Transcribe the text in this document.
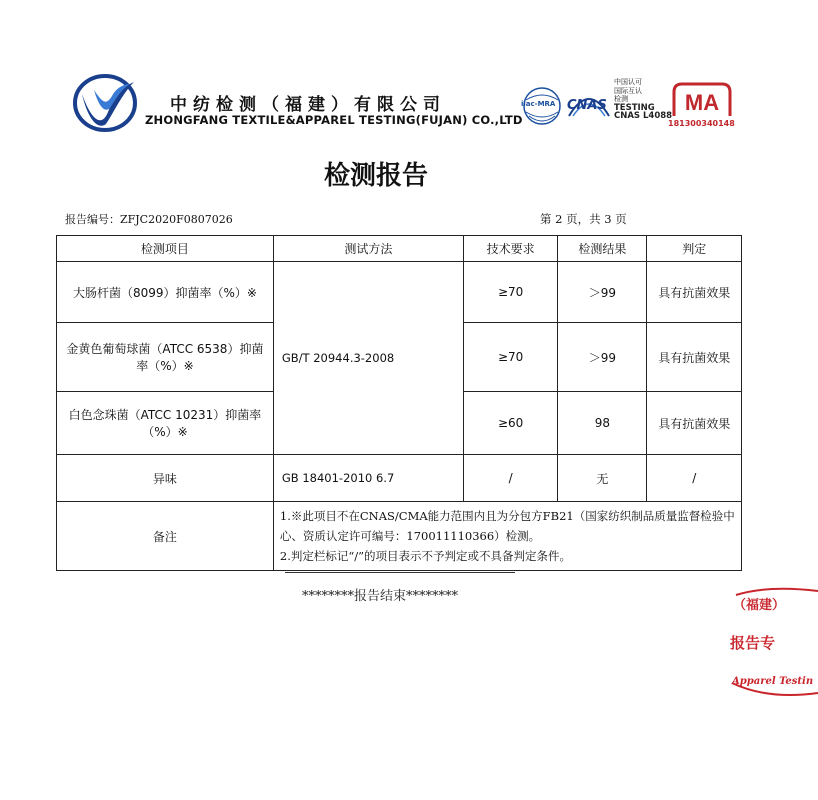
中纺检测（福建）有限公司
ZHONGFANG TEXTILE&APPAREL TESTING(FUJAN) CO.,LTD
ilac-MRA CNAS
中国认可
国际互认
检测
TESTING
CNAS L4088
MA
181300340148
检测报告
报告编号：ZFJC2020F0807026	第 2 页，共 3 页
检测项目	测试方法	技术要求	检测结果	判定
大肠杆菌（8099）抑菌率（%）※	GB/T 20944.3-2008	≥70	＞99	具有抗菌效果
金黄色葡萄球菌（ATCC 6538）抑菌率（%）※		≥70	＞99	具有抗菌效果
白色念珠菌（ATCC 10231）抑菌率（%）※		≥60	98	具有抗菌效果
异味	GB 18401-2010 6.7	/	无	/
备注	1.※此项目不在CNAS/CMA能力范围内且为分包方FB21（国家纺织制品质量监督检验中心、资质认定许可编号：170011110366）检测。
2.判定栏标记“/”的项目表示不予判定或不具备判定条件。			
********报告结束********
（福建）
报告专
Apparel Testin
